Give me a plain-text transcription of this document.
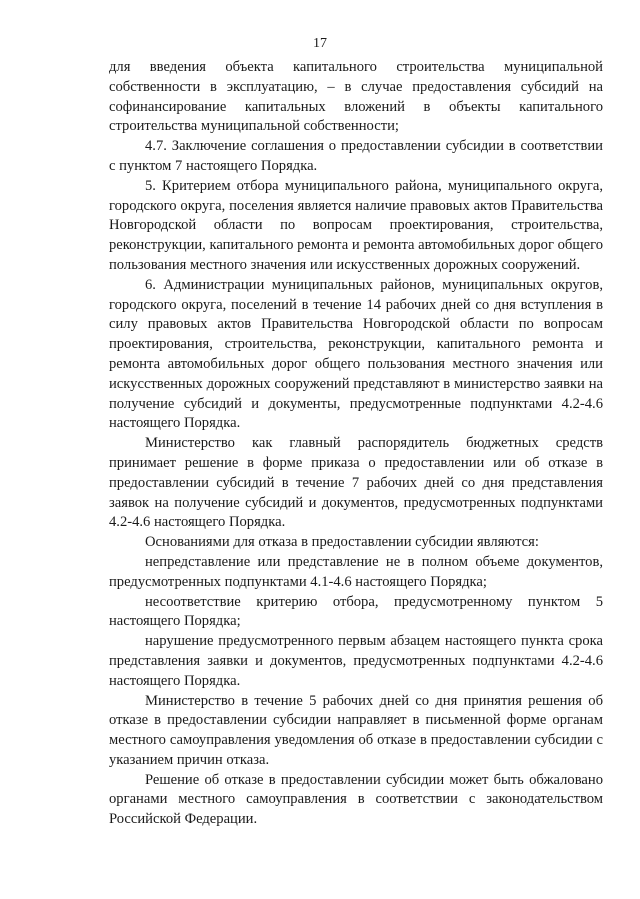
17

для введения объекта капитального строительства муниципальной собственности в эксплуатацию, – в случае предоставления субсидий на софинансирование капитальных вложений в объекты капитального строительства муниципальной собственности;

4.7. Заключение соглашения о предоставлении субсидии в соответствии с пунктом 7 настоящего Порядка.

5. Критерием отбора муниципального района, муниципального округа, городского округа, поселения является наличие правовых актов Правительства Новгородской области по вопросам проектирования, строительства, реконструкции, капитального ремонта и ремонта автомобильных дорог общего пользования местного значения или искусственных дорожных сооружений.

6. Администрации муниципальных районов, муниципальных округов, городского округа, поселений в течение 14 рабочих дней со дня вступления в силу правовых актов Правительства Новгородской области по вопросам проектирования, строительства, реконструкции, капитального ремонта и ремонта автомобильных дорог общего пользования местного значения или искусственных дорожных сооружений представляют в министерство заявки на получение субсидий и документы, предусмотренные подпунктами 4.2-4.6 настоящего Порядка.

Министерство как главный распорядитель бюджетных средств принимает решение в форме приказа о предоставлении или об отказе в предоставлении субсидий в течение 7 рабочих дней со дня представления заявок на получение субсидий и документов, предусмотренных подпунктами 4.2-4.6 настоящего Порядка.

Основаниями для отказа в предоставлении субсидии являются:

непредставление или представление не в полном объеме документов, предусмотренных подпунктами 4.1-4.6 настоящего Порядка;

несоответствие критерию отбора, предусмотренному пунктом 5 настоящего Порядка;

нарушение предусмотренного первым абзацем настоящего пункта срока представления заявки и документов, предусмотренных подпунктами 4.2-4.6 настоящего Порядка.

Министерство в течение 5 рабочих дней со дня принятия решения об отказе в предоставлении субсидии направляет в письменной форме органам местного самоуправления уведомления об отказе в предоставлении субсидии с указанием причин отказа.

Решение об отказе в предоставлении субсидии может быть обжаловано органами местного самоуправления в соответствии с законодательством Российской Федерации.
